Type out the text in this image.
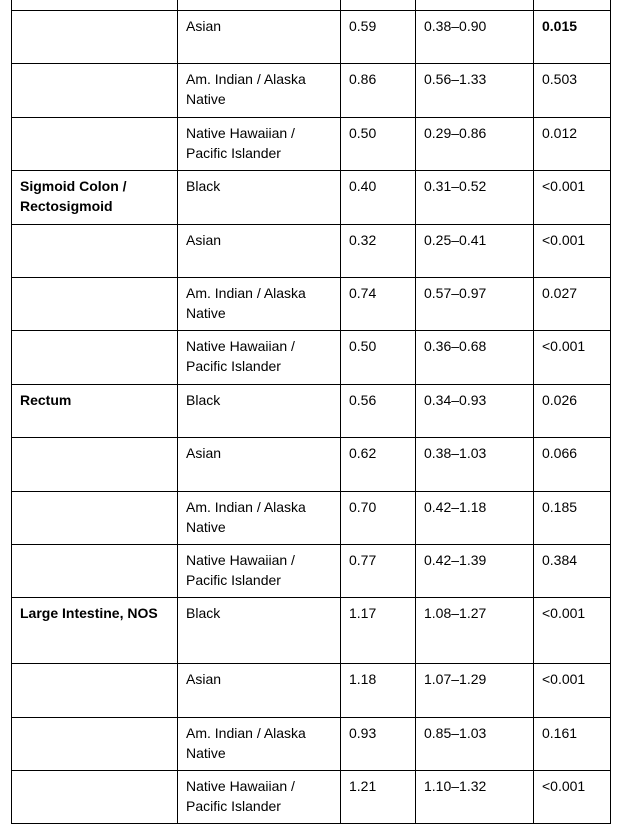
	Asian	0.59	0.38–0.90	0.015
	Am. Indian / Alaska Native	0.86	0.56–1.33	0.503
	Native Hawaiian / Pacific Islander	0.50	0.29–0.86	0.012
Sigmoid Colon / Rectosigmoid	Black	0.40	0.31–0.52	<0.001
	Asian	0.32	0.25–0.41	<0.001
	Am. Indian / Alaska Native	0.74	0.57–0.97	0.027
	Native Hawaiian / Pacific Islander	0.50	0.36–0.68	<0.001
Rectum	Black	0.56	0.34–0.93	0.026
	Asian	0.62	0.38–1.03	0.066
	Am. Indian / Alaska Native	0.70	0.42–1.18	0.185
	Native Hawaiian / Pacific Islander	0.77	0.42–1.39	0.384
Large Intestine, NOS	Black	1.17	1.08–1.27	<0.001
	Asian	1.18	1.07–1.29	<0.001
	Am. Indian / Alaska Native	0.93	0.85–1.03	0.161
	Native Hawaiian / Pacific Islander	1.21	1.10–1.32	<0.001
